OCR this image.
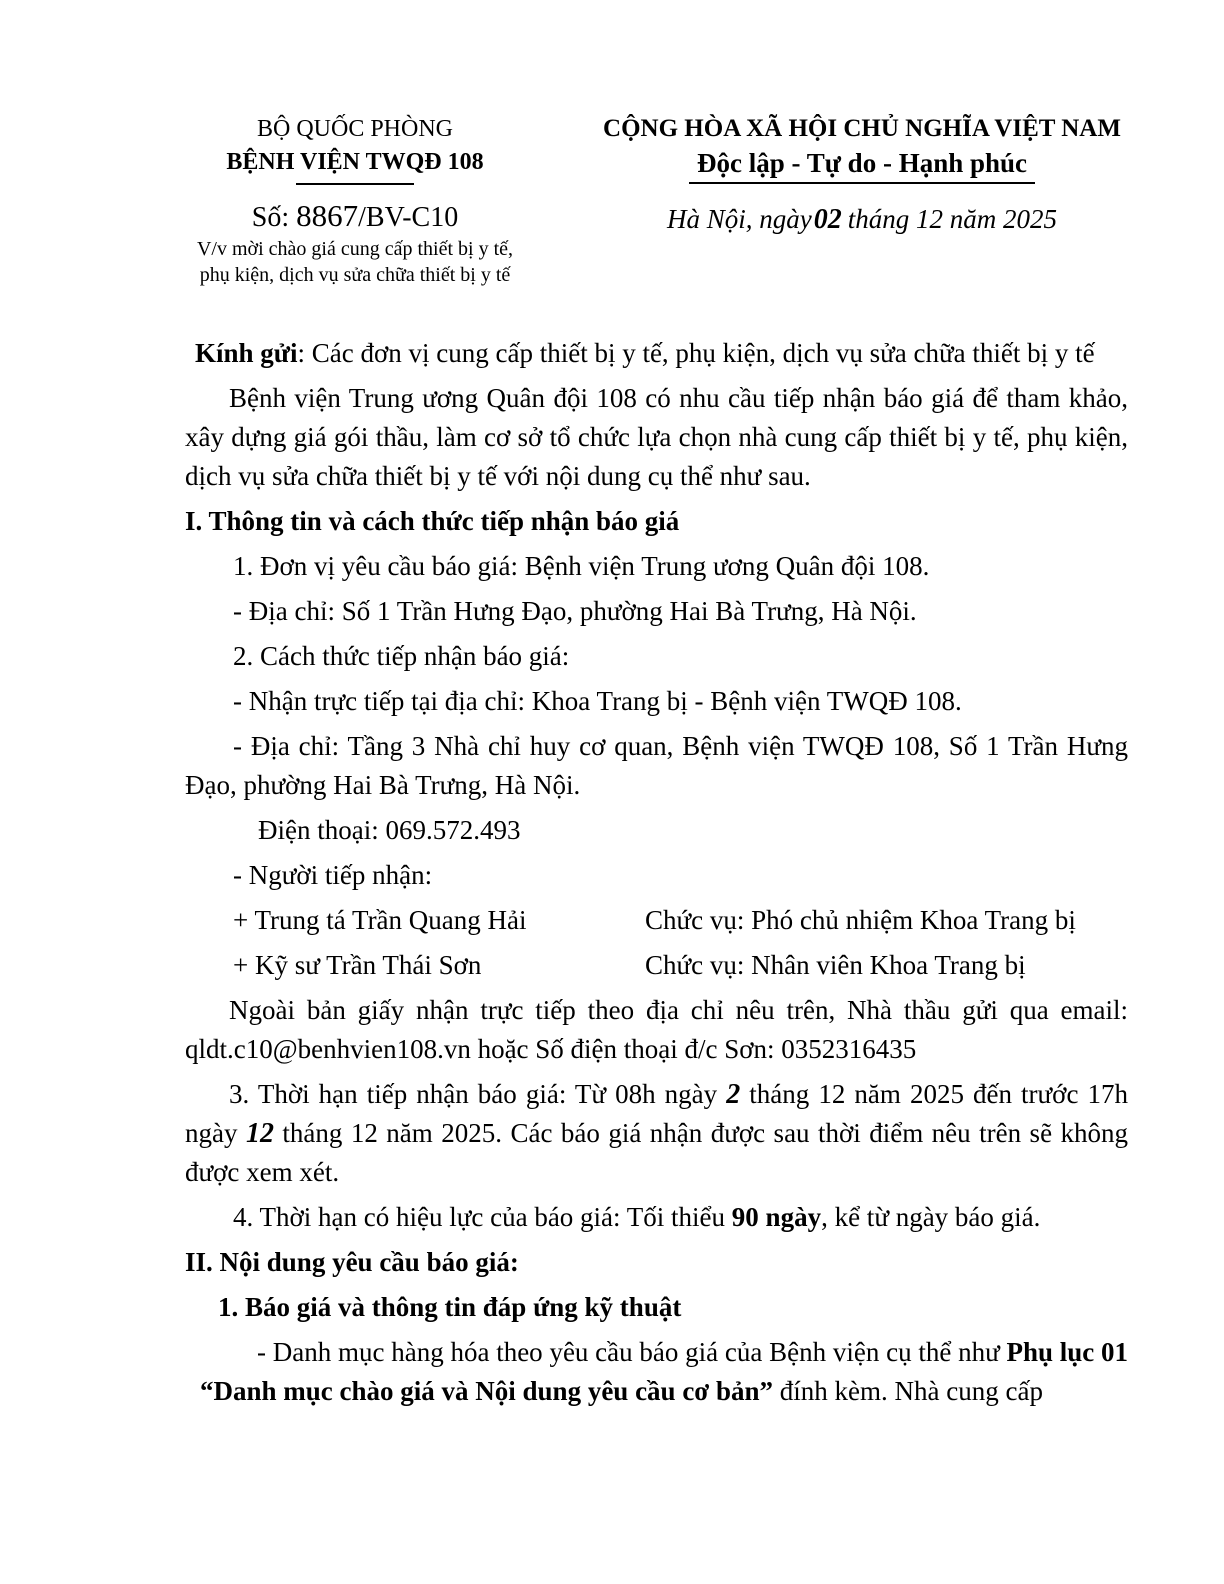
BỘ QUỐC PHÒNG
BỆNH VIỆN TWQĐ 108
Số: 8867/BV-C10
V/v mời chào giá cung cấp thiết bị y tế,
phụ kiện, dịch vụ sửa chữa thiết bị y tế
CỘNG HÒA XÃ HỘI CHỦ NGHĨA VIỆT NAM
Độc lập - Tự do - Hạnh phúc
Hà Nội, ngày02 tháng 12 năm 2025

Kính gửi: Các đơn vị cung cấp thiết bị y tế, phụ kiện, dịch vụ sửa chữa thiết bị y tế

Bệnh viện Trung ương Quân đội 108 có nhu cầu tiếp nhận báo giá để tham khảo, xây dựng giá gói thầu, làm cơ sở tổ chức lựa chọn nhà cung cấp thiết bị y tế, phụ kiện, dịch vụ sửa chữa thiết bị y tế với nội dung cụ thể như sau.

I. Thông tin và cách thức tiếp nhận báo giá

1. Đơn vị yêu cầu báo giá: Bệnh viện Trung ương Quân đội 108.

- Địa chỉ: Số 1 Trần Hưng Đạo, phường Hai Bà Trưng, Hà Nội.

2. Cách thức tiếp nhận báo giá:

- Nhận trực tiếp tại địa chỉ: Khoa Trang bị - Bệnh viện TWQĐ 108.

- Địa chỉ: Tầng 3 Nhà chỉ huy cơ quan, Bệnh viện TWQĐ 108, Số 1 Trần Hưng Đạo, phường Hai Bà Trưng, Hà Nội.

Điện thoại: 069.572.493

- Người tiếp nhận:

+ Trung tá Trần Quang Hải	Chức vụ: Phó chủ nhiệm Khoa Trang bị
+ Kỹ sư Trần Thái Sơn	Chức vụ: Nhân viên Khoa Trang bị

Ngoài bản giấy nhận trực tiếp theo địa chỉ nêu trên, Nhà thầu gửi qua email: qldt.c10@benhvien108.vn hoặc Số điện thoại đ/c Sơn: 0352316435

3. Thời hạn tiếp nhận báo giá: Từ 08h ngày 2 tháng 12 năm 2025 đến trước 17h ngày 12 tháng 12 năm 2025. Các báo giá nhận được sau thời điểm nêu trên sẽ không được xem xét.

4. Thời hạn có hiệu lực của báo giá: Tối thiểu 90 ngày, kể từ ngày báo giá.

II. Nội dung yêu cầu báo giá:

1. Báo giá và thông tin đáp ứng kỹ thuật

- Danh mục hàng hóa theo yêu cầu báo giá của Bệnh viện cụ thể như Phụ lục 01 “Danh mục chào giá và Nội dung yêu cầu cơ bản” đính kèm. Nhà cung cấp
